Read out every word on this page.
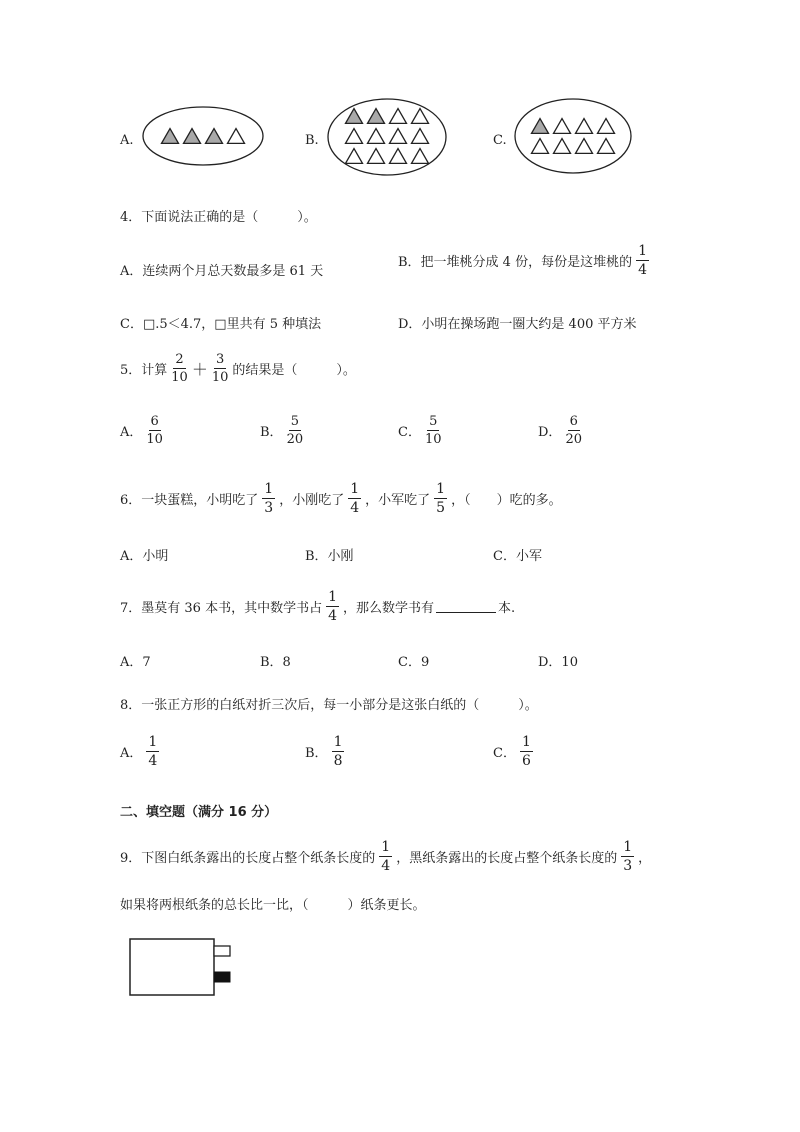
A.	B.	C.
4．下面说法正确的是（　　　）。
A．连续两个月总天数最多是 61 天
B．把一堆桃分成 4 份，每份是这堆桃的 $\frac{1}{4}$
C．□.5＜4.7，□里共有 5 种填法	D．小明在操场跑一圈大约是 400 平方米
5．计算 $\frac{2}{10} + \frac{3}{10}$ 的结果是（　　　）。
A． $\frac{6}{10}$	B． $\frac{5}{20}$	C． $\frac{5}{10}$	D． $\frac{6}{20}$
6．一块蛋糕，小明吃了 $\frac{1}{3}$ ，小刚吃了 $\frac{1}{4}$ ，小军吃了 $\frac{1}{5}$ ，（　　）吃的多。
A．小明	B．小刚	C．小军
7．墨莫有 36 本书，其中数学书占 $\frac{1}{4}$ ，那么数学书有	本.
A．7	B．8	C．9	D．10
8．一张正方形的白纸对折三次后，每一小部分是这张白纸的（　　　）。
A． $\frac{1}{4}$	B． $\frac{1}{8}$	C． $\frac{1}{6}$
二、填空题（满分 16 分）
9．下图白纸条露出的长度占整个纸条长度的 $\frac{1}{4}$ ，黑纸条露出的长度占整个纸条长度的 $\frac{1}{3}$ ，
如果将两根纸条的总长比一比，（　　　）纸条更长。
